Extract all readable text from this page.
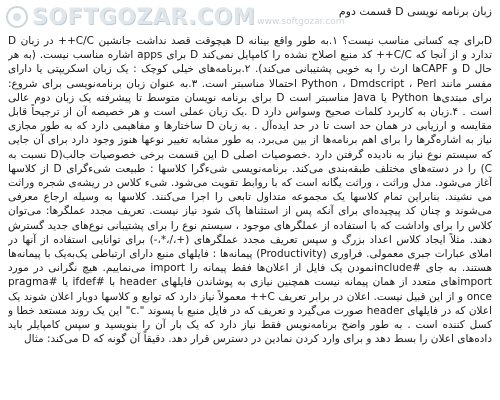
SOFTGOZAR.COM www.softgozar.com
زبان برنامه نویسی D قسمت دوم

Dبرای چه کسانی مناسب نیست؟ ۱.به طور واقع بینانه D هیچوقت قصد نداشت جانشین C/C++ در زبان D تدارد و از آنجا که C/C++ کد منبع اصلاح نشده را کامپایل نمی‌کند D برای apps اشاره مناسب نیست. (به هر حال D و CAPFها ارث را به خوبی پشتیبانی می‌کند). ۲.برنامه‌های خیلی کوچک : یک زبان اسکریپتی یا دارای مفسر مانند Python ، Dmdscript ، Perl احتمالا مناسبتر است. ۳.به عنوان زبان برنامه‌نویسی برای شروع: برای مبتدی‌ها Python یا Java مناسبتر است D برای برنامه نویسان متوسط تا پیشرفته یک زبان دوم عالی است . ۴.زبان به کاربرد کلمات صحیح وسواس دارد D .یک زبان عملی است و هر خصیصه آن از ترجیحاً قابل مقایسه و ارزیابی در همان حد است تا در حد ایده‌آل . به زبان D ساختارها و مفاهیمی دارد که به طور مجازی نیاز به اشاره‌گرها را برای اهم برنامه‌ها از بین می‌برد. به طور مشابه تغییر نوعها هنوز وجود دارد برای آن جایی که سیستم نوع نیاز به نادیده گرفتن دارد .خصوصیات اصلی D این قسمت برخی خصوصیات جالب(D نسبت به C) را در دسته‌های مختلف طبقه‌بندی می‌کند. برنامه‌نویسی شیءگرا کلاسها : طبیعت شیءگرای D از کلاسها آغاز می‌شود. مدل وراثت ، وراثت یگانه است که با روابط تقویت می‌شود. شیء کلاس در ریشه‌ی شجره وراثت می نشیند. بنابراین تمام کلاسها یک مجموعه متداول تابعی را اجرا می‌کنند. کلاسها به وسیله ارجاع معرفی می‌شوند و چنان کد پیچیده‌ای برای آنکه پس از استثناها پاک شود نیاز نیست. تعریف مجدد عملگرها: می‌توان کلاس را برای واداشت که با استفاده از عملگرهای موجود ، سیستم نوع را برای پشتیبانی نوع‌های جدید گسترش دهند. مثلاً ایجاد کلاس اعداد بزرگ و سپس تعریف مجدد عملگرهای (+،/،*،-) برای توانایی استفاده از آنها در املای عبارات جبری معمولی. فراوری (Productivity) پیمانه‌ها : فایلهای منبع دارای ارتباطی یک‌به‌یک با پیمانه‌ها هستند. به جای #includeنمودن یک فایل از اعلان‌ها فقط پیمانه را import می‌نماییم. هیچ نگرانی در مورد importهای متعدد از همان پیمانه نیست همچنین نیازی به پوشاندن فایلهای header با #ifdef یا #pragma once و از این قبیل نیست. اعلان در برابر تعریف C++ معمولاً نیاز دارد که توابع و کلاسها دوبار اعلان شوند یک اعلان که در فایلهای header صورت می‌گیرد و تعریف که در فایل منبع با پسوند ".c" این یک روند مستعد خطا و کسل کننده است . به طور واضح برنامه‌نویس فقط نیاز دارد که یک بار آن را بنویسید و سپس کامپایلر باید داده‌های اعلان را بسط دهد و برای وارد کردن نمادین در دسترس قرار دهد. دقیقاً آن گونه که D می‌کند: مثال
